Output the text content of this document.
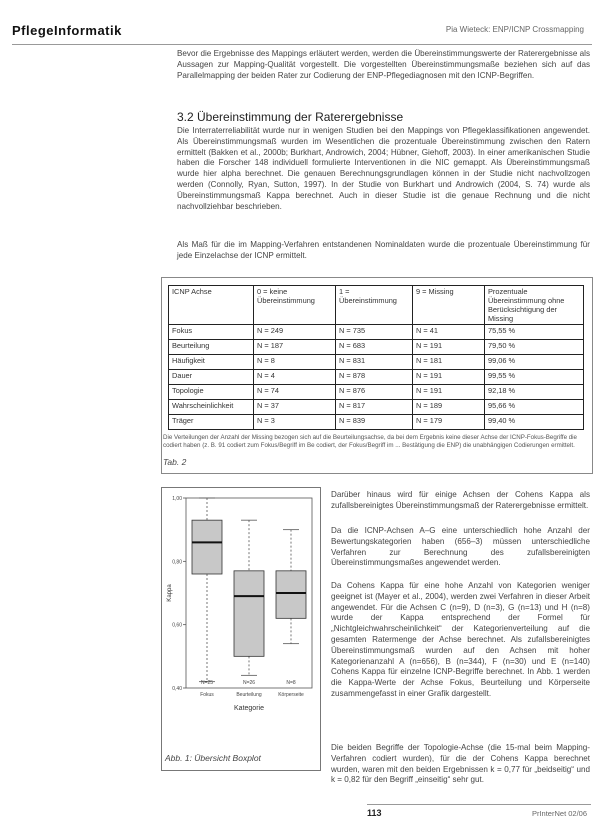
PflegeInformatik	Pia Wieteck: ENP/ICNP Crossmapping

Bevor die Ergebnisse des Mappings erläutert werden, werden die Übereinstimmungswerte der Raterergebnisse als Aussagen zur Mapping-Qualität vorgestellt. Die vorgestellten Übereinstimmungsmaße beziehen sich auf das Parallelmapping der beiden Rater zur Codierung der ENP-Pflegediagnosen mit den ICNP-Begriffen.

3.2 Übereinstimmung der Raterergebnisse

Die Interraterreliabilität wurde nur in wenigen Studien bei den Mappings von Pflegeklassifikationen angewendet. Als Übereinstimmungsmaß wurden im Wesentlichen die prozentuale Übereinstimmung zwischen den Ratern ermittelt (Bakken et al., 2000b; Burkhart, Androwich, 2004; Hübner, Giehoff, 2003). In einer amerikanischen Studie haben die Forscher 148 individuell formulierte Interventionen in die NIC gemappt. Als Übereinstimmungsmaß wurde hier alpha berechnet. Die genauen Berechnungsgrundlagen können in der Studie nicht nachvollzogen werden (Connolly, Ryan, Sutton, 1997). In der Studie von Burkhart und Androwich (2004, S. 74) wurde als Übereinstimmungsmaß Kappa berechnet. Auch in dieser Studie ist die genaue Rechnung und die nicht nachvollziehbar beschrieben.

Als Maß für die im Mapping-Verfahren entstandenen Nominaldaten wurde die prozentuale Übereinstimmung für jede Einzelachse der ICNP ermittelt.

ICNP Achse	0 = keine Übereinstimmung	1 = Übereinstimmung	9 = Missing	Prozentuale Übereinstimmung ohne Berücksichtigung der Missing
Fokus	N = 249	N = 735	N = 41	75,55 %
Beurteilung	N = 187	N = 683	N = 191	79,50 %
Häufigkeit	N = 8	N = 831	N = 181	99,06 %
Dauer	N = 4	N = 878	N = 191	99,55 %
Topologie	N = 74	N = 876	N = 191	92,18 %
Wahrscheinlichkeit	N = 37	N = 817	N = 189	95,66 %
Träger	N = 3	N = 839	N = 179	99,40 %

Die Verteilungen der Anzahl der Missing bezogen sich auf die Beurteilungsachse, da bei dem Ergebnis keine dieser Achse der ICNP-Fokus-Begriffe die codiert haben (z. B. 91 codiert zum Fokus/Begriff im Be codiert, der Fokus/Begriff im ... Bestätigung die ENP) die unabhängigen Codierungen ermittelt.

Tab. 2
1,00
0,80
0,60
0,40
Kappa
N=25
Fokus
N=26
Beurteilung
N=8
Körperseite
Kategorie
Abb. 1: Übersicht Boxplot

Darüber hinaus wird für einige Achsen der Cohens Kappa als zufallsbereinigtes Übereinstimmungsmaß der Raterergebnisse ermittelt.

Da die ICNP-Achsen A–G eine unterschiedlich hohe Anzahl der Bewertungskategorien haben (656–3) müssen unterschiedliche Verfahren zur Berechnung des zufallsbereinigten Übereinstimmungsmaßes angewendet werden.

Da Cohens Kappa für eine hohe Anzahl von Kategorien weniger geeignet ist (Mayer et al., 2004), werden zwei Verfahren in dieser Arbeit angewendet. Für die Achsen C (n=9), D (n=3), G (n=13) und H (n=8) wurde der Kappa entsprechend der Formel für „Nichtgleichwahrscheinlichkeit“ der Kategorienverteilung auf die gesamten Ratermenge der Achse berechnet. Als zufallsbereinigtes Übereinstimmungsmaß wurden auf den Achsen mit hoher Kategorienanzahl A (n=656), B (n=344), F (n=30) und E (n=140) Cohens Kappa für einzelne ICNP-Begriffe berechnet. In Abb. 1 werden die Kappa-Werte der Achse Fokus, Beurteilung und Körperseite zusammengefasst in einer Grafik dargestellt.

Die beiden Begriffe der Topologie-Achse (die 15-mal beim Mapping-Verfahren codiert wurden), für die der Cohens Kappa berechnet wurden, waren mit den beiden Ergebnissen k = 0,77 für „beidseitig“ und k = 0,82 für den Begriff „einseitig“ sehr gut.

113	PrInterNet 02/06
